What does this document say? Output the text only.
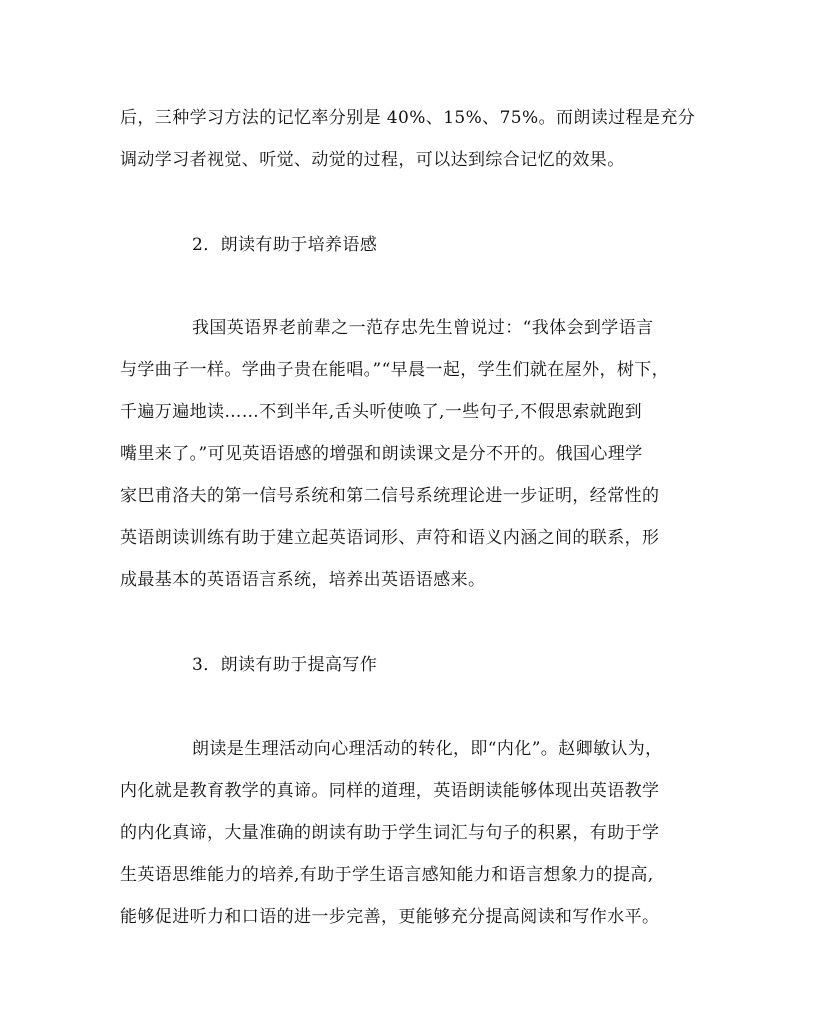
后，三种学习方法的记忆率分别是 40%、15%、75%。而朗读过程是充分
调动学习者视觉、听觉、动觉的过程，可以达到综合记忆的效果。
2．朗读有助于培养语感
我国英语界老前辈之一范存忠先生曾说过：“我体会到学语言
与学曲子一样。学曲子贵在能唱。”“早晨一起，学生们就在屋外，树下，
千遍万遍地读……不到半年,舌头听使唤了,一些句子,不假思索就跑到
嘴里来了。”可见英语语感的增强和朗读课文是分不开的。俄国心理学
家巴甫洛夫的第一信号系统和第二信号系统理论进一步证明，经常性的
英语朗读训练有助于建立起英语词形、声符和语义内涵之间的联系，形
成最基本的英语语言系统，培养出英语语感来。
3．朗读有助于提高写作
朗读是生理活动向心理活动的转化，即“内化”。赵卿敏认为，
内化就是教育教学的真谛。同样的道理，英语朗读能够体现出英语教学
的内化真谛，大量准确的朗读有助于学生词汇与句子的积累，有助于学
生英语思维能力的培养,有助于学生语言感知能力和语言想象力的提高,
能够促进听力和口语的进一步完善，更能够充分提高阅读和写作水平。
